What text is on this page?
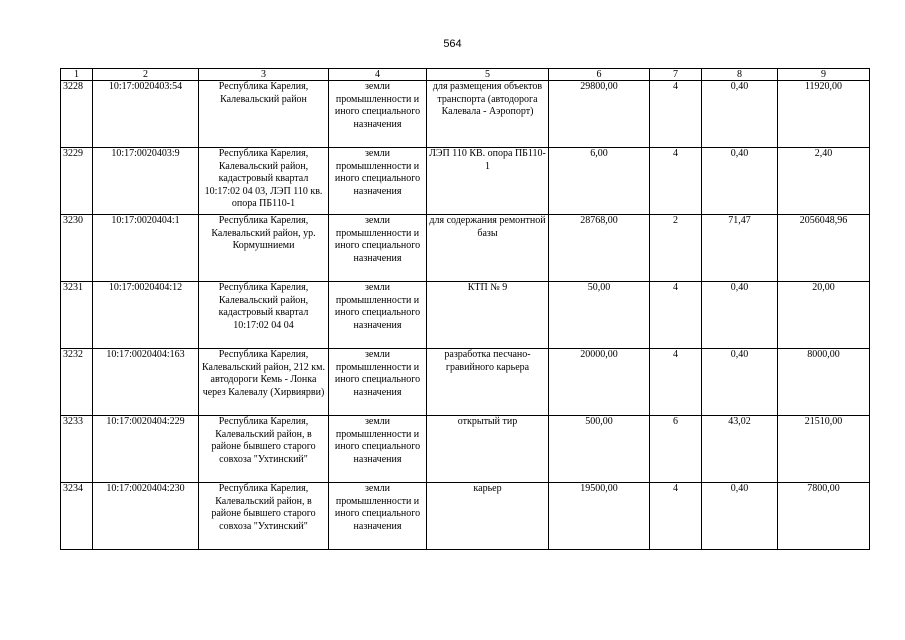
564
1	2	3	4	5	6	7	8	9
3228	10:17:0020403:54	Республика Карелия, Калевальский район	земли промышленности и иного специального назначения	для размещения объектов транспорта (автодорога Калевала - Аэропорт)	29800,00	4	0,40	11920,00
3229	10:17:0020403:9	Республика Карелия, Калевальский район, кадастровый квартал 10:17:02 04 03, ЛЭП 110 кв. опора ПБ110-1	земли промышленности и иного специального назначения	ЛЭП 110 КВ. опора ПБ110-1	6,00	4	0,40	2,40
3230	10:17:0020404:1	Республика Карелия, Калевальский район, ур. Кормушниеми	земли промышленности и иного специального назначения	для содержания ремонтной базы	28768,00	2	71,47	2056048,96
3231	10:17:0020404:12	Республика Карелия, Калевальский район, кадастровый квартал 10:17:02 04 04	земли промышленности и иного специального назначения	КТП № 9	50,00	4	0,40	20,00
3232	10:17:0020404:163	Республика Карелия, Калевальский район, 212 км. автодороги Кемь - Лонка через Калевалу (Хирвиярви)	земли промышленности и иного специального назначения	разработка песчано-гравийного карьера	20000,00	4	0,40	8000,00
3233	10:17:0020404:229	Республика Карелия, Калевальский район, в районе бывшего старого совхоза "Ухтинский"	земли промышленности и иного специального назначения	открытый тир	500,00	6	43,02	21510,00
3234	10:17:0020404:230	Республика Карелия, Калевальский район, в районе бывшего старого совхоза "Ухтинский"	земли промышленности и иного специального назначения	карьер	19500,00	4	0,40	7800,00
